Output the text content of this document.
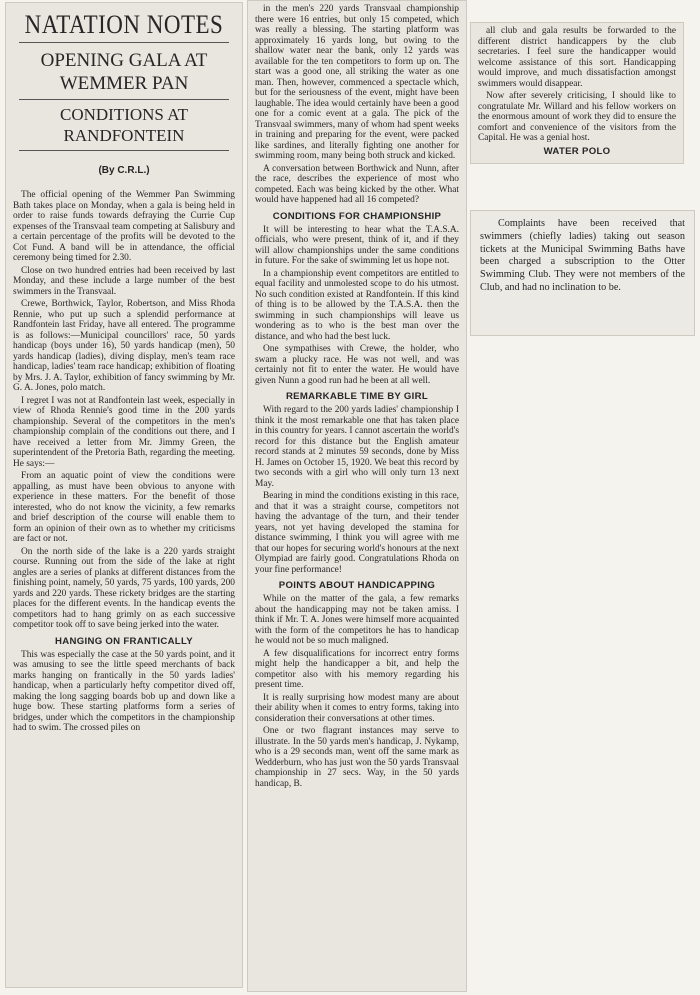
NATATION NOTES
OPENING GALA AT WEMMER PAN
CONDITIONS AT RANDFONTEIN
(By C.R.L.)

The official opening of the Wemmer Pan Swimming Bath takes place on Monday, when a gala is being held in order to raise funds towards defraying the Currie Cup expenses of the Transvaal team competing at Salisbury and a certain percentage of the profits will be devoted to the Cot Fund. A band will be in attendance, the official ceremony being timed for 2.30.

Close on two hundred entries had been received by last Monday, and these include a large number of the best swimmers in the Transvaal.

Crewe, Borthwick, Taylor, Robertson, and Miss Rhoda Rennie, who put up such a splendid performance at Randfontein last Friday, have all entered. The programme is as follows:—Municipal councillors' race, 50 yards handicap (boys under 16), 50 yards handicap (men), 50 yards handicap (ladies), diving display, men's team race handicap, ladies' team race handicap; exhibition of floating by Mrs. J. A. Taylor, exhibition of fancy swimming by Mr. G. A. Jones, polo match.

I regret I was not at Randfontein last week, especially in view of Rhoda Rennie's good time in the 200 yards championship. Several of the competitors in the men's championship complain of the conditions out there, and I have received a letter from Mr. Jimmy Green, the superintendent of the Pretoria Bath, regarding the meeting. He says:—

From an aquatic point of view the conditions were appalling, as must have been obvious to anyone with experience in these matters. For the benefit of those interested, who do not know the vicinity, a few remarks and brief description of the course will enable them to form an opinion of their own as to whether my criticisms are fact or not.

On the north side of the lake is a 220 yards straight course. Running out from the side of the lake at right angles are a series of planks at different distances from the finishing point, namely, 50 yards, 75 yards, 100 yards, 200 yards and 220 yards. These rickety bridges are the starting places for the different events. In the handicap events the competitors had to hang grimly on as each successive competitor took off to save being jerked into the water.

HANGING ON FRANTICALLY

This was especially the case at the 50 yards point, and it was amusing to see the little speed merchants of back marks hanging on frantically in the 50 yards ladies' handicap, when a particularly hefty competitor dived off, making the long sagging boards bob up and down like a huge bow. These starting platforms form a series of bridges, under which the competitors in the championship had to swim. The crossed piles on

in the men's 220 yards Transvaal championship there were 16 entries, but only 15 competed, which was really a blessing. The starting platform was approximately 16 yards long, but owing to the shallow water near the bank, only 12 yards was available for the ten competitors to form up on. The start was a good one, all striking the water as one man. Then, however, commenced a spectacle which, but for the seriousness of the event, might have been laughable. The idea would certainly have been a good one for a comic event at a gala. The pick of the Transvaal swimmers, many of whom had spent weeks in training and preparing for the event, were packed like sardines, and literally fighting one another for swimming room, many being both struck and kicked.

A conversation between Borthwick and Nunn, after the race, describes the experience of most who competed. Each was being kicked by the other. What would have happened had all 16 competed?

CONDITIONS FOR CHAMPIONSHIP

It will be interesting to hear what the T.A.S.A. officials, who were present, think of it, and if they will allow championships under the same conditions in future. For the sake of swimming let us hope not.

In a championship event competitors are entitled to equal facility and unmolested scope to do his utmost. No such condition existed at Randfontein. If this kind of thing is to be allowed by the T.A.S.A. then the swimming in such championships will leave us wondering as to who is the best man over the distance, and who had the best luck.

One sympathises with Crewe, the holder, who swam a plucky race. He was not well, and was certainly not fit to enter the water. He would have given Nunn a good run had he been at all well.

REMARKABLE TIME BY GIRL

With regard to the 200 yards ladies' championship I think it the most remarkable one that has taken place in this country for years. I cannot ascertain the world's record for this distance but the English amateur record stands at 2 minutes 59 seconds, done by Miss H. James on October 15, 1920. We beat this record by two seconds with a girl who will only turn 13 next May.

Bearing in mind the conditions existing in this race, and that it was a straight course, competitors not having the advantage of the turn, and their tender years, not yet having developed the stamina for distance swimming, I think you will agree with me that our hopes for securing world's honours at the next Olympiad are fairly good. Congratulations Rhoda on your fine performance!

POINTS ABOUT HANDICAPPING

While on the matter of the gala, a few remarks about the handicapping may not be taken amiss. I think if Mr. T. A. Jones were himself more acquainted with the form of the competitors he has to handicap he would not be so much maligned.

A few disqualifications for incorrect entry forms might help the handicapper a bit, and help the competitor also with his memory regarding his present time.

It is really surprising how modest many are about their ability when it comes to entry forms, taking into consideration their conversations at other times.

One or two flagrant instances may serve to illustrate. In the 50 yards men's handicap, J. Nykamp, who is a 29 seconds man, went off the same mark as Wedderburn, who has just won the 50 yards Transvaal championship in 27 secs. Way, in the 50 yards handicap, B.

all club and gala results be forwarded to the different district handicappers by the club secretaries. I feel sure the handicapper would welcome assistance of this sort. Handicapping would improve, and much dissatisfaction amongst swimmers would disappear.

Now after severely criticising, I should like to congratulate Mr. Willard and his fellow workers on the enormous amount of work they did to ensure the comfort and convenience of the visitors from the Capital. He was a genial host.

WATER POLO
Complaints have been received that swimmers (chiefly ladies) taking out season tickets at the Municipal Swimming Baths have been charged a subscription to the Otter Swimming Club. They were not members of the Club, and had no inclination to be.
